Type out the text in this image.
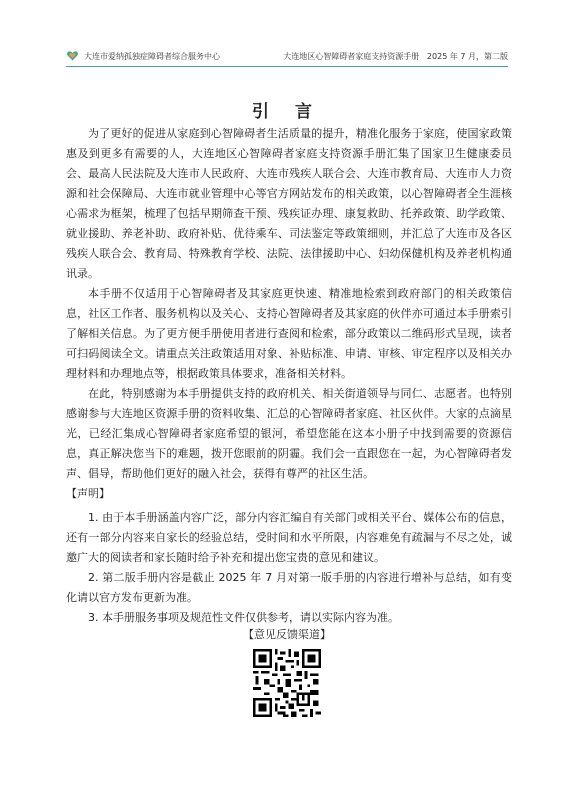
大连市爱纳孤独症障碍者综合服务中心	大连地区心智障碍者家庭支持资源手册 2025 年 7 月，第二版
引 言

为了更好的促进从家庭到心智障碍者生活质量的提升，精准化服务于家庭，使国家政策惠及到更多有需要的人，大连地区心智障碍者家庭支持资源手册汇集了国家卫生健康委员会、最高人民法院及大连市人民政府、大连市残疾人联合会、大连市教育局、大连市人力资源和社会保障局、大连市就业管理中心等官方网站发布的相关政策，以心智障碍者全生涯核心需求为框架，梳理了包括早期筛查干预、残疾证办理、康复救助、托养政策、助学政策、就业援助、养老补助、政府补贴、优待乘车、司法鉴定等政策细则，并汇总了大连市及各区残疾人联合会、教育局、特殊教育学校、法院、法律援助中心、妇幼保健机构及养老机构通讯录。

本手册不仅适用于心智障碍者及其家庭更快速、精准地检索到政府部门的相关政策信息，社区工作者、服务机构以及关心、支持心智障碍者及其家庭的伙伴亦可通过本手册索引了解相关信息。为了更方便手册使用者进行查阅和检索，部分政策以二维码形式呈现，读者可扫码阅读全文。请重点关注政策适用对象、补贴标准、申请、审核、审定程序以及相关办理材料和办理地点等，根据政策具体要求，准备相关材料。

在此，特别感谢为本手册提供支持的政府机关、相关街道领导与同仁、志愿者。也特别感谢参与大连地区资源手册的资料收集、汇总的心智障碍者家庭、社区伙伴。大家的点滴星光，已经汇集成心智障碍者家庭希望的银河，希望您能在这本小册子中找到需要的资源信息，真正解决您当下的难题，拨开您眼前的阴霾。我们会一直跟您在一起，为心智障碍者发声、倡导，帮助他们更好的融入社会，获得有尊严的社区生活。

【声明】

1. 由于本手册涵盖内容广泛，部分内容汇编自有关部门或相关平台、媒体公布的信息，还有一部分内容来自家长的经验总结，受时间和水平所限，内容难免有疏漏与不尽之处，诚邀广大的阅读者和家长随时给予补充和提出您宝贵的意见和建议。

2. 第二版手册内容是截止 2025 年 7 月对第一版手册的内容进行增补与总结，如有变化请以官方发布更新为准。

3. 本手册服务事项及规范性文件仅供参考，请以实际内容为准。

【意见反馈渠道】
